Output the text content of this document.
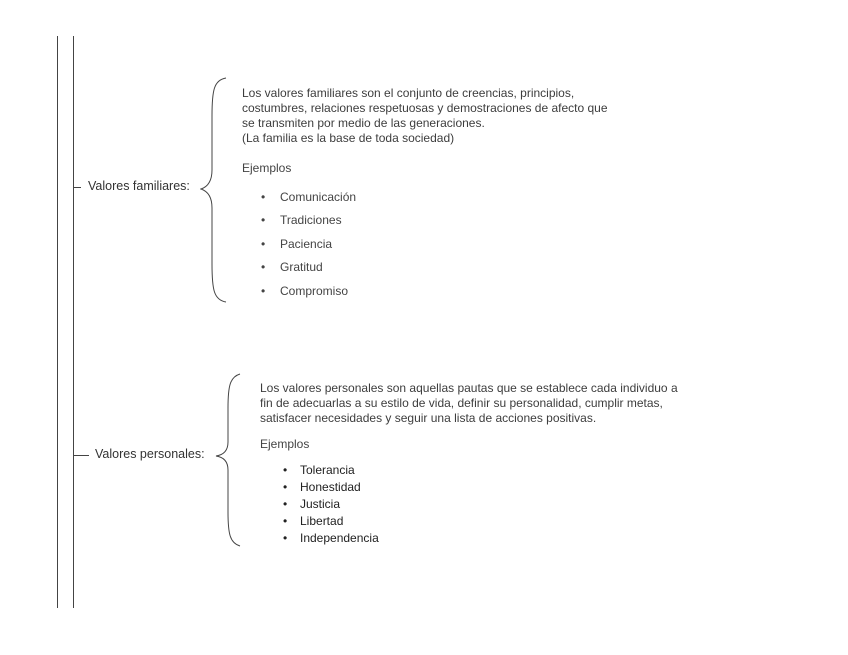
Valores familiares:

Los valores familiares son el conjunto de creencias, principios,

costumbres, relaciones respetuosas y demostraciones de afecto que

se transmiten por medio de las generaciones.

(La familia es la base de toda sociedad)

Ejemplos
• Comunicación
• Tradiciones
• Paciencia
• Gratitud
• Compromiso
Valores personales:

Los valores personales son aquellas pautas que se establece cada individuo a

fin de adecuarlas a su estilo de vida, definir su personalidad, cumplir metas,

satisfacer necesidades y seguir una lista de acciones positivas.

Ejemplos
• Tolerancia
• Honestidad
• Justicia
• Libertad
• Independencia
